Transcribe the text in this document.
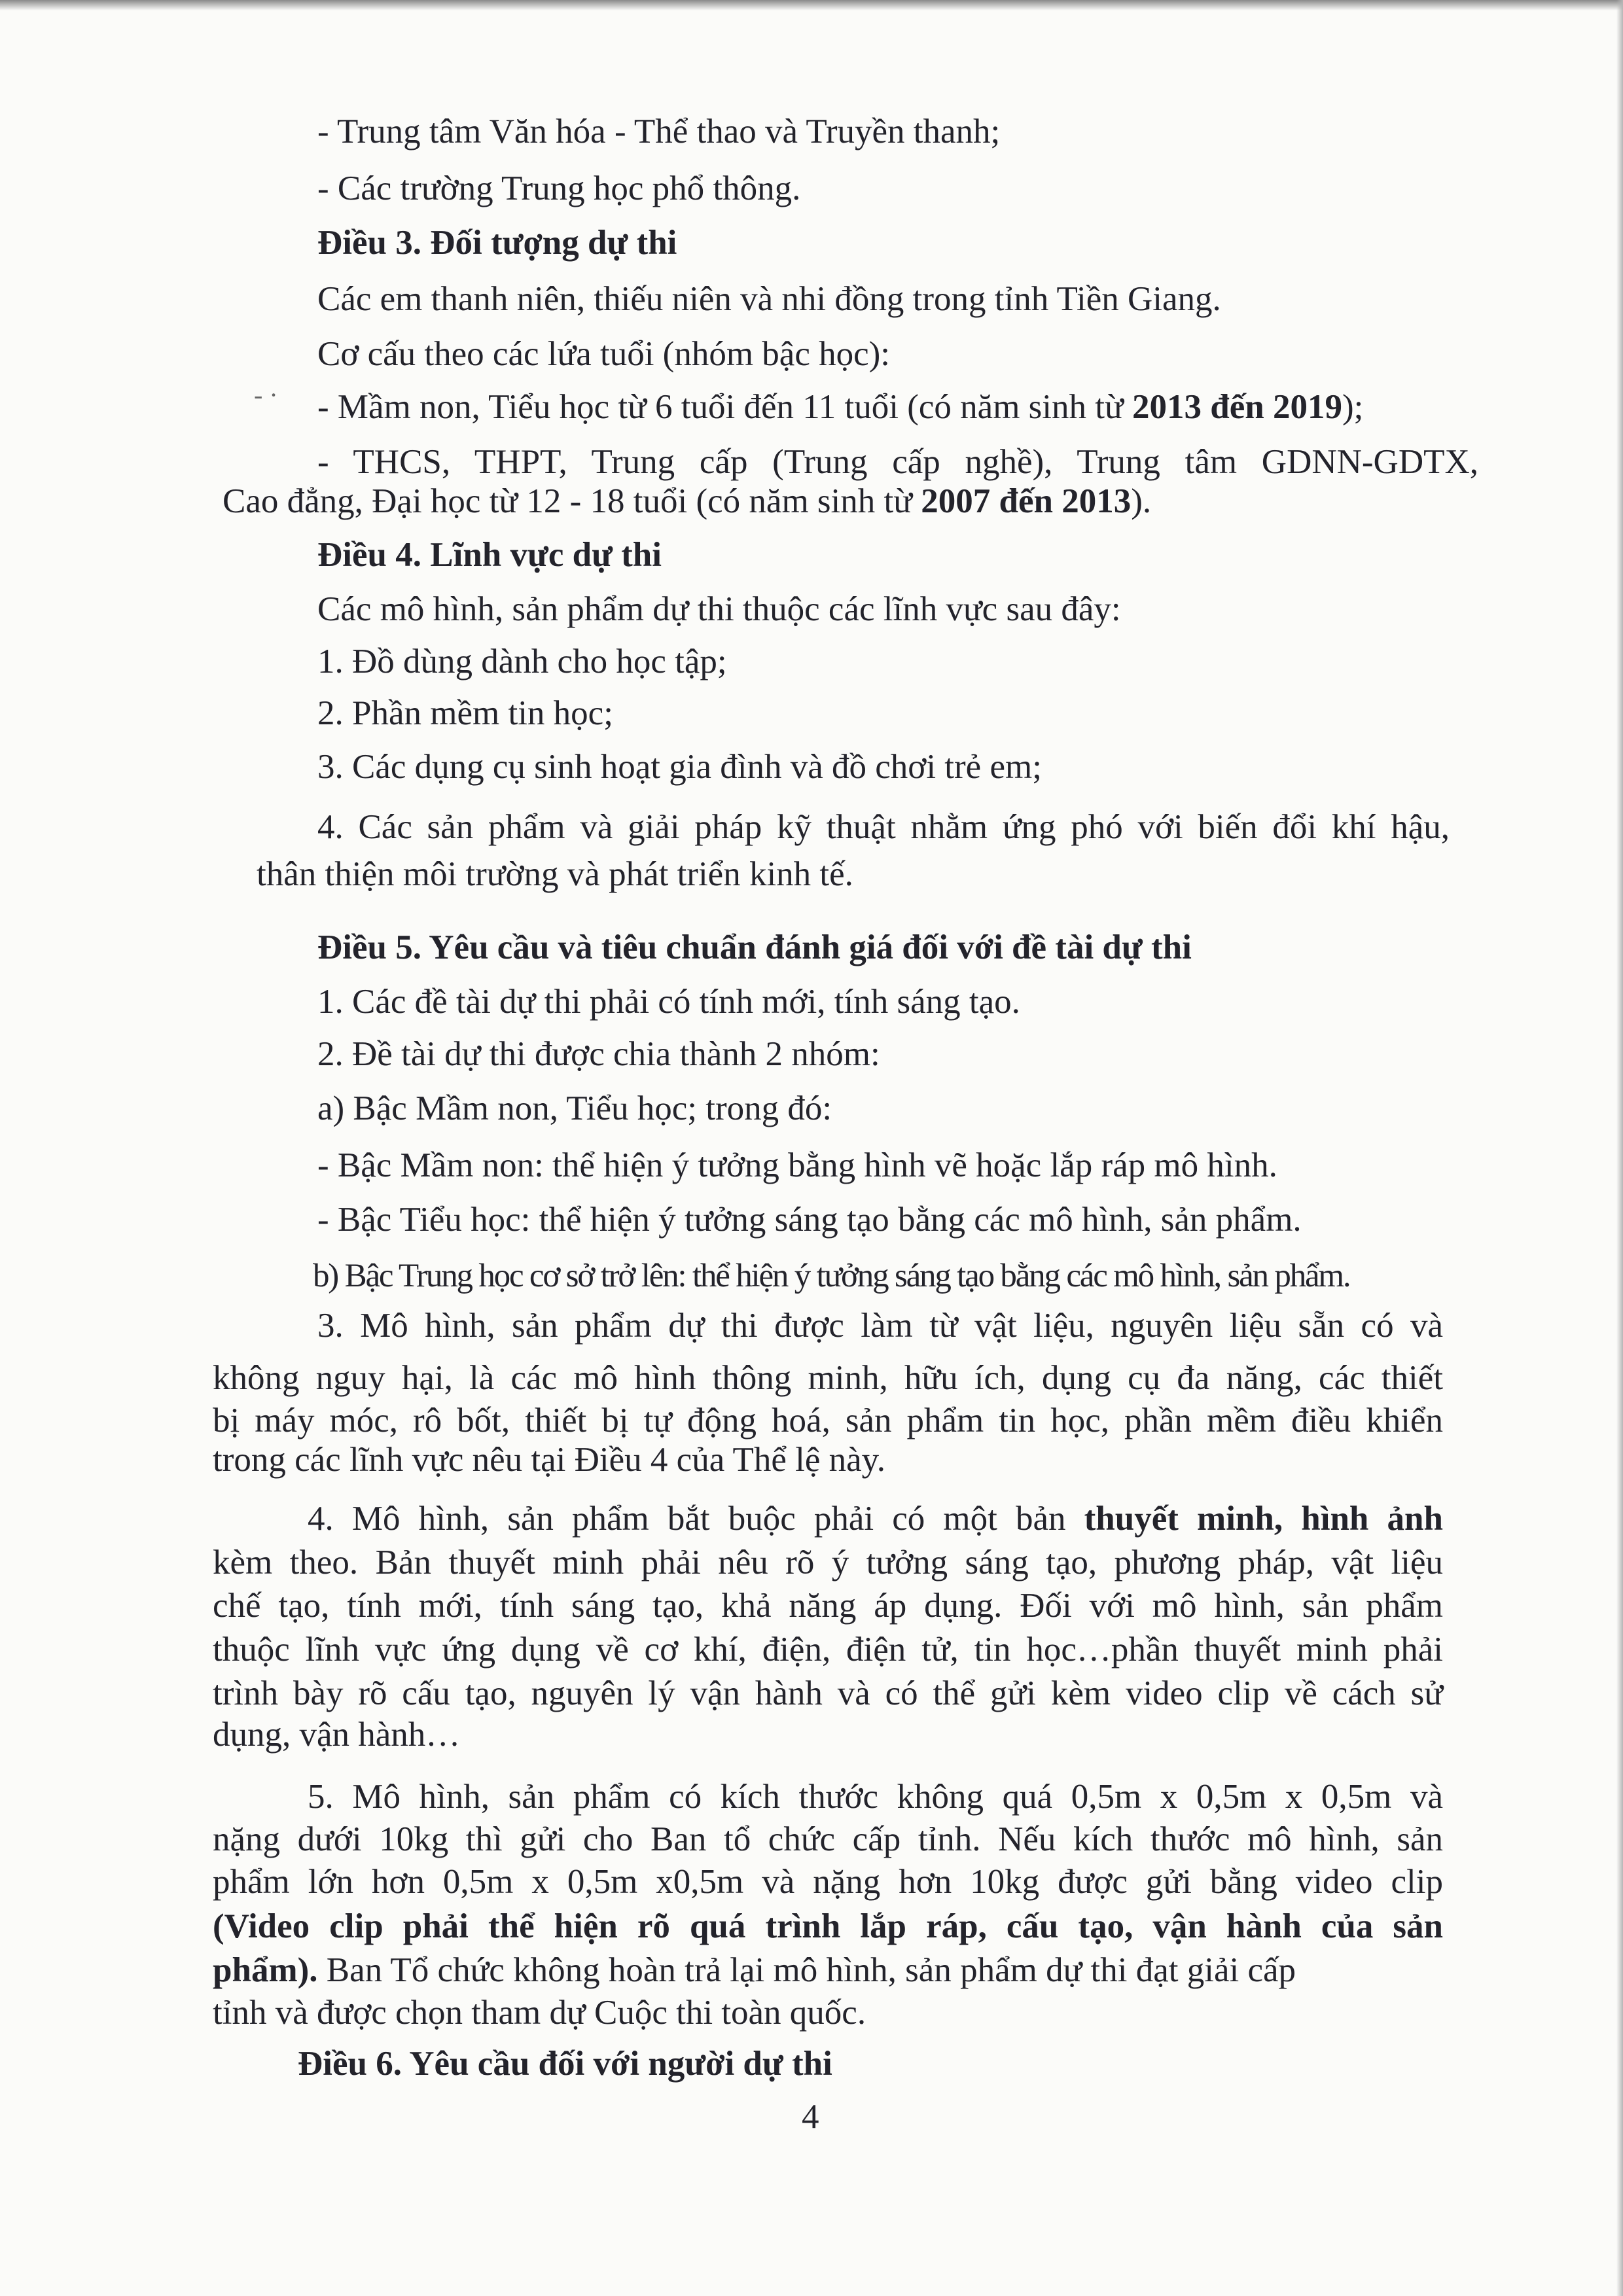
- ·
- Trung tâm Văn hóa - Thể thao và Truyền thanh;
- Các trường Trung học phổ thông.
Điều 3. Đối tượng dự thi
Các em thanh niên, thiếu niên và nhi đồng trong tỉnh Tiền Giang.
Cơ cấu theo các lứa tuổi (nhóm bậc học):
- Mầm non, Tiểu học từ 6 tuổi đến 11 tuổi (có năm sinh từ 2013 đến 2019);
- THCS, THPT, Trung cấp (Trung cấp nghề), Trung tâm GDNN-GDTX,
Cao đẳng, Đại học từ 12 - 18 tuổi (có năm sinh từ 2007 đến 2013).
Điều 4. Lĩnh vực dự thi
Các mô hình, sản phẩm dự thi thuộc các lĩnh vực sau đây:
1. Đồ dùng dành cho học tập;
2. Phần mềm tin học;
3. Các dụng cụ sinh hoạt gia đình và đồ chơi trẻ em;
4. Các sản phẩm và giải pháp kỹ thuật nhằm ứng phó với biến đổi khí hậu,
thân thiện môi trường và phát triển kinh tế.
Điều 5. Yêu cầu và tiêu chuẩn đánh giá đối với đề tài dự thi
1. Các đề tài dự thi phải có tính mới, tính sáng tạo.
2. Đề tài dự thi được chia thành 2 nhóm:
a) Bậc Mầm non, Tiểu học; trong đó:
- Bậc Mầm non: thể hiện ý tưởng bằng hình vẽ hoặc lắp ráp mô hình.
- Bậc Tiểu học: thể hiện ý tưởng sáng tạo bằng các mô hình, sản phẩm.
b) Bậc Trung học cơ sở trở lên: thể hiện ý tưởng sáng tạo bằng các mô hình, sản phẩm.
3. Mô hình, sản phẩm dự thi được làm từ vật liệu, nguyên liệu sẵn có và
không nguy hại, là các mô hình thông minh, hữu ích, dụng cụ đa năng, các thiết
bị máy móc, rô bốt, thiết bị tự động hoá, sản phẩm tin học, phần mềm điều khiển
trong các lĩnh vực nêu tại Điều 4 của Thể lệ này.
4. Mô hình, sản phẩm bắt buộc phải có một bản thuyết minh, hình ảnh
kèm theo. Bản thuyết minh phải nêu rõ ý tưởng sáng tạo, phương pháp, vật liệu
chế tạo, tính mới, tính sáng tạo, khả năng áp dụng. Đối với mô hình, sản phẩm
thuộc lĩnh vực ứng dụng về cơ khí, điện, điện tử, tin học…phần thuyết minh phải
trình bày rõ cấu tạo, nguyên lý vận hành và có thể gửi kèm video clip về cách sử
dụng, vận hành…
5. Mô hình, sản phẩm có kích thước không quá 0,5m x 0,5m x 0,5m và
nặng dưới 10kg thì gửi cho Ban tổ chức cấp tỉnh. Nếu kích thước mô hình, sản
phẩm lớn hơn 0,5m x 0,5m x0,5m và nặng hơn 10kg được gửi bằng video clip
(Video clip phải thể hiện rõ quá trình lắp ráp, cấu tạo, vận hành của sản
phẩm). Ban Tổ chức không hoàn trả lại mô hình, sản phẩm dự thi đạt giải cấp
tỉnh và được chọn tham dự Cuộc thi toàn quốc.
Điều 6. Yêu cầu đối với người dự thi
4
